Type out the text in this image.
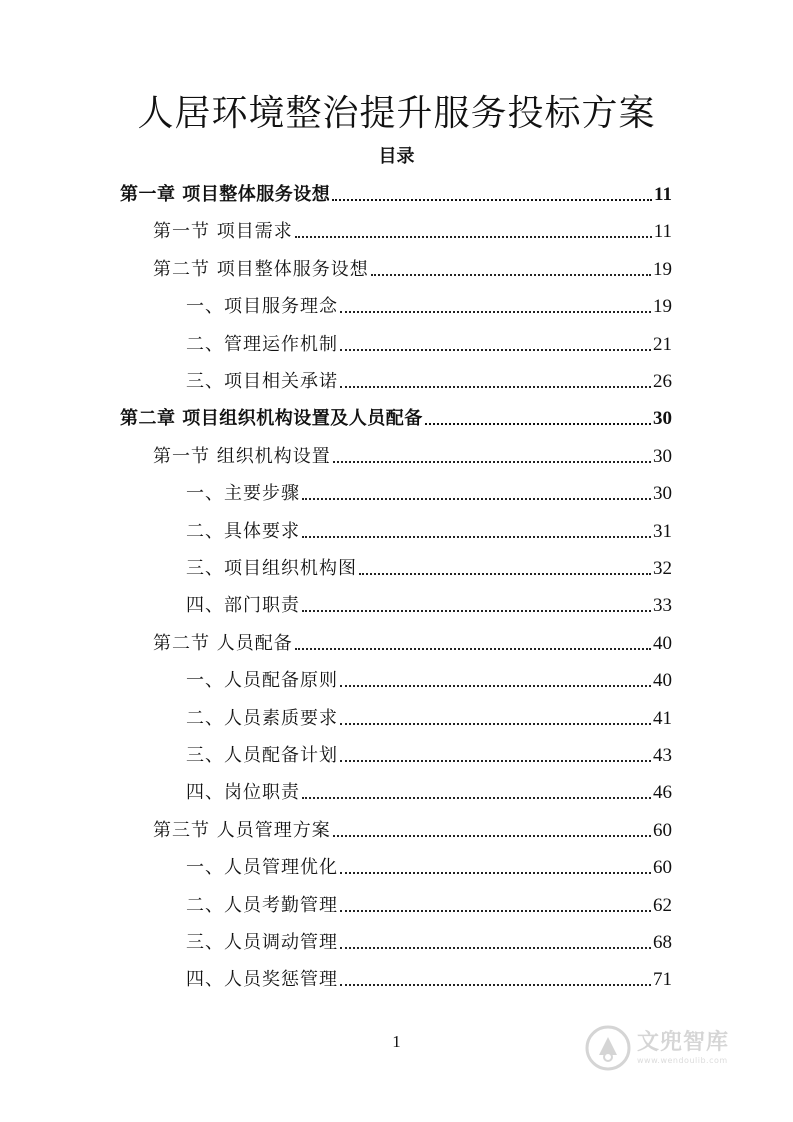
人居环境整治提升服务投标方案
目录
第一章 项目整体服务设想	11
第一节 项目需求	11
第二节 项目整体服务设想	19
一、项目服务理念	19
二、管理运作机制	21
三、项目相关承诺	26
第二章 项目组织机构设置及人员配备	30
第一节 组织机构设置	30
一、主要步骤	30
二、具体要求	31
三、项目组织机构图	32
四、部门职责	33
第二节 人员配备	40
一、人员配备原则	40
二、人员素质要求	41
三、人员配备计划	43
四、岗位职责	46
第三节 人员管理方案	60
一、人员管理优化	60
二、人员考勤管理	62
三、人员调动管理	68
四、人员奖惩管理	71
1	文兜智库
www.wendoulib.com
